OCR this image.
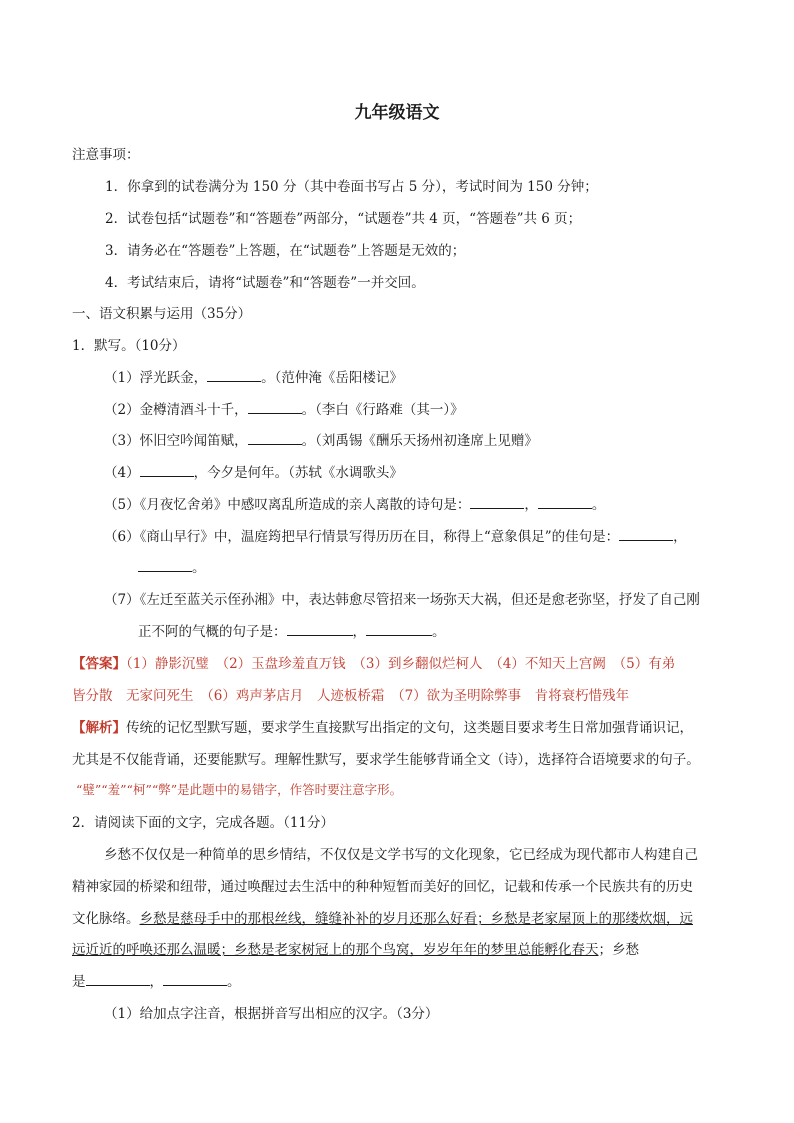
九年级语文
注意事项：
1．你拿到的试卷满分为 150 分（其中卷面书写占 5 分），考试时间为 150 分钟；
2．试卷包括“试题卷”和“答题卷”两部分，“试题卷”共 4 页，“答题卷”共 6 页；
3．请务必在“答题卷”上答题，在“试题卷”上答题是无效的；
4．考试结束后，请将“试题卷”和“答题卷”一并交回。
一、语文积累与运用（35分）
1．默写。（10分）
（1）浮光跃金，	。（范仲淹《岳阳楼记》
（2）金樽清酒斗十千，	。（李白《行路难（其一）》
（3）怀旧空吟闻笛赋，	。（刘禹锡《酬乐天扬州初逢席上见赠》
（4）	，今夕是何年。（苏轼《水调歌头》
（5）《月夜忆舍弟》中感叹离乱所造成的亲人离散的诗句是：	，	。
（6）《商山早行》中，温庭筠把早行情景写得历历在目，称得上“意象俱足”的佳句是：	，
。
（7）《左迁至蓝关示侄孙湘》中，表达韩愈尽管招来一场弥天大祸，但还是愈老弥坚，抒发了自己刚
正不阿的气概的句子是：	，	。
【答案】（1）静影沉璧　（2）玉盘珍羞直万钱　（3）到乡翻似烂柯人　（4）不知天上宫阙　（5）有弟
皆分散　无家问死生　（6）鸡声茅店月　人迹板桥霜　（7）欲为圣明除弊事　肯将衰朽惜残年
【解析】传统的记忆型默写题，要求学生直接默写出指定的文句，这类题目要求考生日常加强背诵识记，
尤其是不仅能背诵，还要能默写。理解性默写，要求学生能够背诵全文（诗），选择符合语境要求的句子。
“璧”“羞”“柯”“弊”是此题中的易错字，作答时要注意字形。
2．请阅读下面的文字，完成各题。（11分）
乡愁不仅仅是一种简单的思乡情结，不仅仅是文学书写的文化现象，它已经成为现代都市人构建自己
精神家园的桥梁和纽带，通过唤醒过去生活中的种种短暂而美好的回忆，记载和传承一个民族共有的历史
文化脉络。乡愁是慈母手中的那根丝线，缝缝补补的岁月还那么好看；乡愁是老家屋顶上的那缕炊烟，远
远近近的呼唤还那么温暖；乡愁是老家树冠上的那个鸟窝，岁岁年年的梦里总能孵化春天；乡愁
是	，	。
（1）给加点字注音，根据拼音写出相应的汉字。（3分）
